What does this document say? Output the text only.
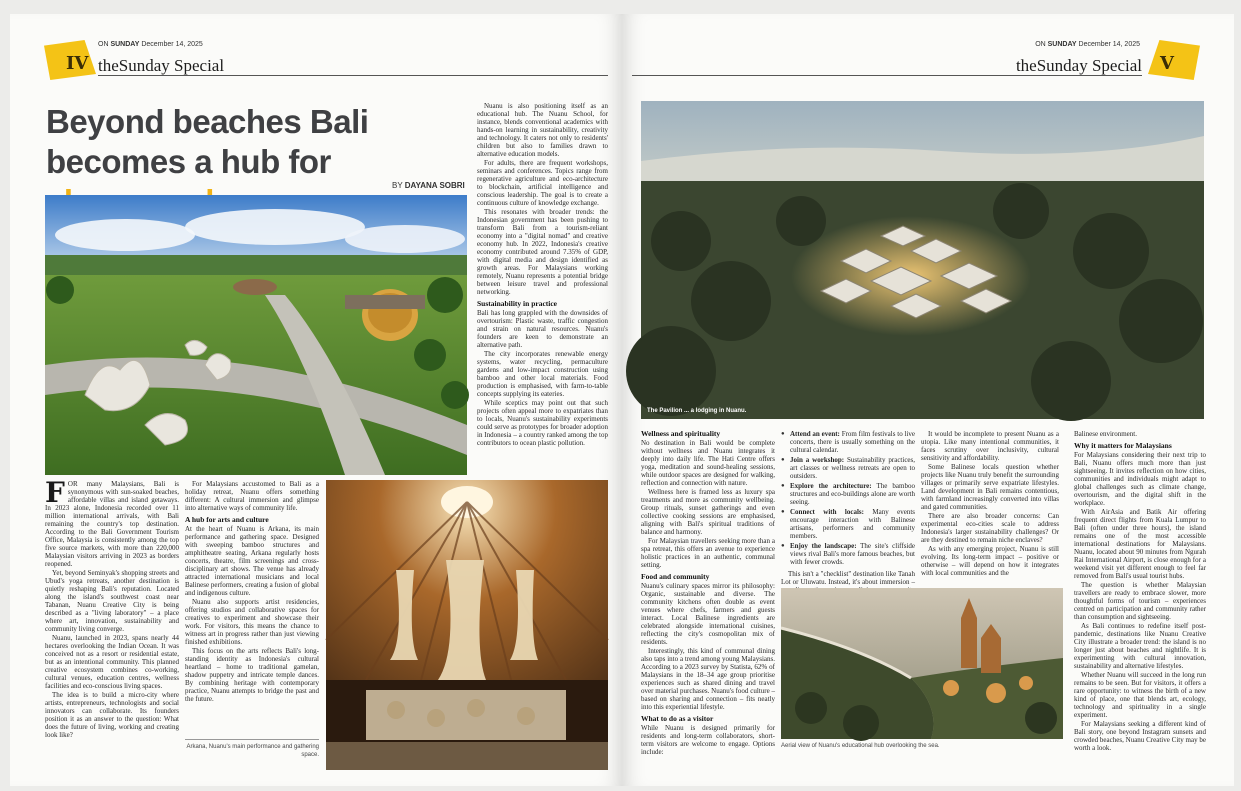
IV
ON SUNDAY December 14, 2025
theSunday Special
Beyond beaches Bali becomes a hub for
BY DAYANA SOBRI

FOR many Malaysians, Bali is synonymous with sun-soaked beaches, affordable villas and island getaways. In 2023 alone, Indonesia recorded over 11 million international arrivals, with Bali remaining the country's top destination. According to the Bali Government Tourism Office, Malaysia is consistently among the top five source markets, with more than 220,000 Malaysian visitors arriving in 2023 as borders reopened.

Yet, beyond Seminyak's shopping streets and Ubud's yoga retreats, another destination is quietly reshaping Bali's reputation. Located along the island's southwest coast near Tabanan, Nuanu Creative City is being described as a "living laboratory" – a place where art, innovation, sustainability and community living converge.

Nuanu, launched in 2023, spans nearly 44 hectares overlooking the Indian Ocean. It was conceived not as a resort or residential estate, but as an intentional community. This planned creative ecosystem combines co-working, cultural venues, education centres, wellness facilities and eco-conscious living spaces.

The idea is to build a micro-city where artists, entrepreneurs, technologists and social innovators can collaborate. Its founders position it as an answer to the question: What does the future of living, working and creating look like?

For Malaysians accustomed to Bali as a holiday retreat, Nuanu offers something different: A cultural immersion and glimpse into alternative ways of community life.

A hub for arts and culture

At the heart of Nuanu is Arkana, its main performance and gathering space. Designed with sweeping bamboo structures and amphitheatre seating, Arkana regularly hosts concerts, theatre, film screenings and cross-disciplinary art shows. The venue has already attracted international musicians and local Balinese performers, creating a fusion of global and indigenous culture.

Nuanu also supports artist residencies, offering studios and collaborative spaces for creatives to experiment and showcase their work. For visitors, this means the chance to witness art in progress rather than just viewing finished exhibitions.

This focus on the arts reflects Bali's long-standing identity as Indonesia's cultural heartland – home to traditional gamelan, shadow puppetry and intricate temple dances. By combining heritage with contemporary practice, Nuanu attempts to bridge the past and the future.

Arkana, Nuanu's main performance and gathering space.

Nuanu is also positioning itself as an educational hub. The Nuanu School, for instance, blends conventional academics with hands-on learning in sustainability, creativity and technology. It caters not only to residents' children but also to families drawn to alternative education models.

For adults, there are frequent workshops, seminars and conferences. Topics range from regenerative agriculture and eco-architecture to blockchain, artificial intelligence and conscious leadership. The goal is to create a continuous culture of knowledge exchange.

This resonates with broader trends: the Indonesian government has been pushing to transform Bali from a tourism-reliant economy into a "digital nomad" and creative economy hub. In 2022, Indonesia's creative economy contributed around 7.35% of GDP, with digital media and design identified as growth areas. For Malaysians working remotely, Nuanu represents a potential bridge between leisure travel and professional networking.

Sustainability in practice

Bali has long grappled with the downsides of overtourism: Plastic waste, traffic congestion and strain on natural resources. Nuanu's founders are keen to demonstrate an alternative path.

The city incorporates renewable energy systems, water recycling, permaculture gardens and low-impact construction using bamboo and other local materials. Food production is emphasised, with farm-to-table concepts supplying its eateries.

While sceptics may point out that such projects often appeal more to expatriates than to locals, Nuanu's sustainability experiments could serve as prototypes for broader adoption in Indonesia – a country ranked among the top contributors to ocean plastic pollution.

V
ON SUNDAY December 14, 2025
theSunday Special
The Pavilion ... a lodging in Nuanu.
Wellness and spirituality

No destination in Bali would be complete without wellness and Nuanu integrates it deeply into daily life. The Hati Centre offers yoga, meditation and sound-healing sessions, while outdoor spaces are designed for walking, reflection and connection with nature.

Wellness here is framed less as luxury spa treatments and more as community wellbeing. Group rituals, sunset gatherings and even collective cooking sessions are emphasised, aligning with Bali's spiritual traditions of balance and harmony.

For Malaysian travellers seeking more than a spa retreat, this offers an avenue to experience holistic practices in an authentic, communal setting.

Food and community

Nuanu's culinary spaces mirror its philosophy: Organic, sustainable and diverse. The community kitchens often double as event venues where chefs, farmers and guests interact. Local Balinese ingredients are celebrated alongside international cuisines, reflecting the city's cosmopolitan mix of residents.

Interestingly, this kind of communal dining also taps into a trend among young Malaysians. According to a 2023 survey by Statista, 62% of Malaysians in the 18–34 age group prioritise experiences such as shared dining and travel over material purchases. Nuanu's food culture – based on sharing and connection – fits neatly into this experiential lifestyle.

What to do as a visitor

While Nuanu is designed primarily for residents and long-term collaborators, short-term visitors are welcome to engage. Options include:

● Attend an event: From film festivals to live concerts, there is usually something on the cultural calendar.
● Join a workshop: Sustainability practices, art classes or wellness retreats are open to outsiders.
● Explore the architecture: The bamboo structures and eco-buildings alone are worth seeing.
● Connect with locals: Many events encourage interaction with Balinese artisans, performers and community members.
● Enjoy the landscape: The site's cliffside views rival Bali's more famous beaches, but with fewer crowds.

This isn't a "checklist" destination like Tanah Lot or Uluwatu. Instead, it's about immersion –

It would be incomplete to present Nuanu as a utopia. Like many intentional communities, it faces scrutiny over inclusivity, cultural sensitivity and affordability.

Some Balinese locals question whether projects like Nuanu truly benefit the surrounding villages or primarily serve expatriate lifestyles. Land development in Bali remains contentious, with farmland increasingly converted into villas and gated communities.

There are also broader concerns: Can experimental eco-cities scale to address Indonesia's larger sustainability challenges? Or are they destined to remain niche enclaves?

As with any emerging project, Nuanu is still evolving. Its long-term impact – positive or otherwise – will depend on how it integrates with local communities and the

Aerial view of Nuanu's educational hub overlooking the sea.

Balinese environment.

Why it matters for Malaysians

For Malaysians considering their next trip to Bali, Nuanu offers much more than just sightseeing. It invites reflection on how cities, communities and individuals might adapt to global challenges such as climate change, overtourism, and the digital shift in the workplace.

With AirAsia and Batik Air offering frequent direct flights from Kuala Lumpur to Bali (often under three hours), the island remains one of the most accessible international destinations for Malaysians. Nuanu, located about 90 minutes from Ngurah Rai International Airport, is close enough for a weekend visit yet different enough to feel far removed from Bali's usual tourist hubs.

The question is whether Malaysian travellers are ready to embrace slower, more thoughtful forms of tourism – experiences centred on participation and community rather than consumption and sightseeing.

As Bali continues to redefine itself post-pandemic, destinations like Nuanu Creative City illustrate a broader trend: the island is no longer just about beaches and nightlife. It is experimenting with cultural innovation, sustainability and alternative lifestyles.

Whether Nuanu will succeed in the long run remains to be seen. But for visitors, it offers a rare opportunity: to witness the birth of a new kind of place, one that blends art, ecology, technology and spirituality in a single experiment.

For Malaysians seeking a different kind of Bali story, one beyond Instagram sunsets and crowded beaches, Nuanu Creative City may be worth a look.
